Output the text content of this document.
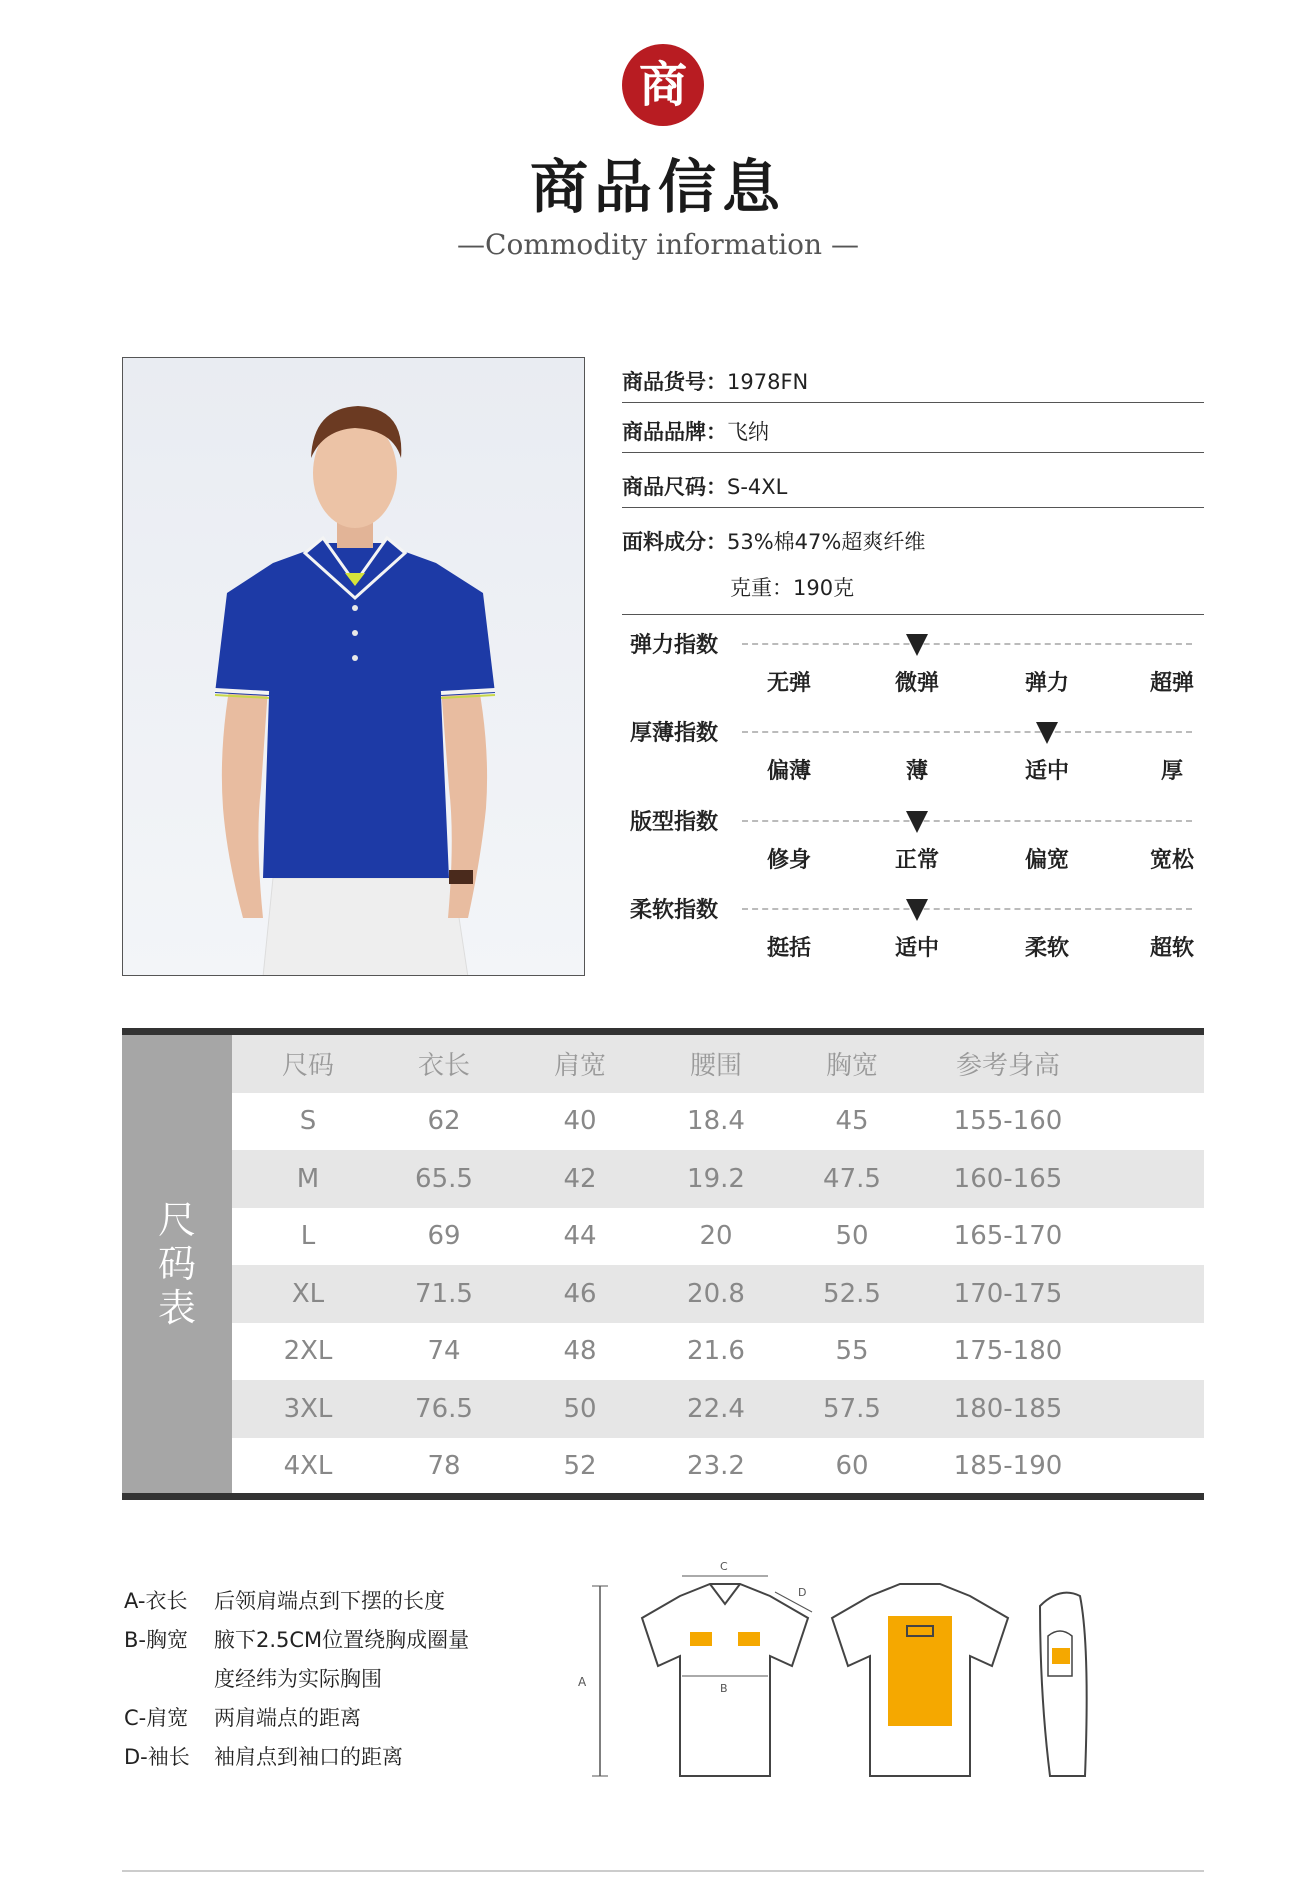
商
商品信息
—Commodity information —
商品货号：1978FN
商品品牌：飞纳
商品尺码：S-4XL
面料成分：53%棉47%超爽纤维
克重：190克
弹力指数
无弹	微弹	弹力	超弹
厚薄指数
偏薄	薄	适中	厚
版型指数
修身	正常	偏宽	宽松
柔软指数
挺括	适中	柔软	超软
尺
码
表
尺码	衣长	肩宽	腰围	胸宽	参考身高
S	62	40	18.4	45	155-160
M	65.5	42	19.2	47.5	160-165
L	69	44	20	50	165-170
XL	71.5	46	20.8	52.5	170-175
2XL	74	48	21.6	55	175-180
3XL	76.5	50	22.4	57.5	180-185
4XL	78	52	23.2	60	185-190
A-衣长	后领肩端点到下摆的长度
B-胸宽	腋下2.5CM位置绕胸成圈量
度经纬为实际胸围
C-肩宽	两肩端点的距离
D-袖长	袖肩点到袖口的距离
A
C
D
B
